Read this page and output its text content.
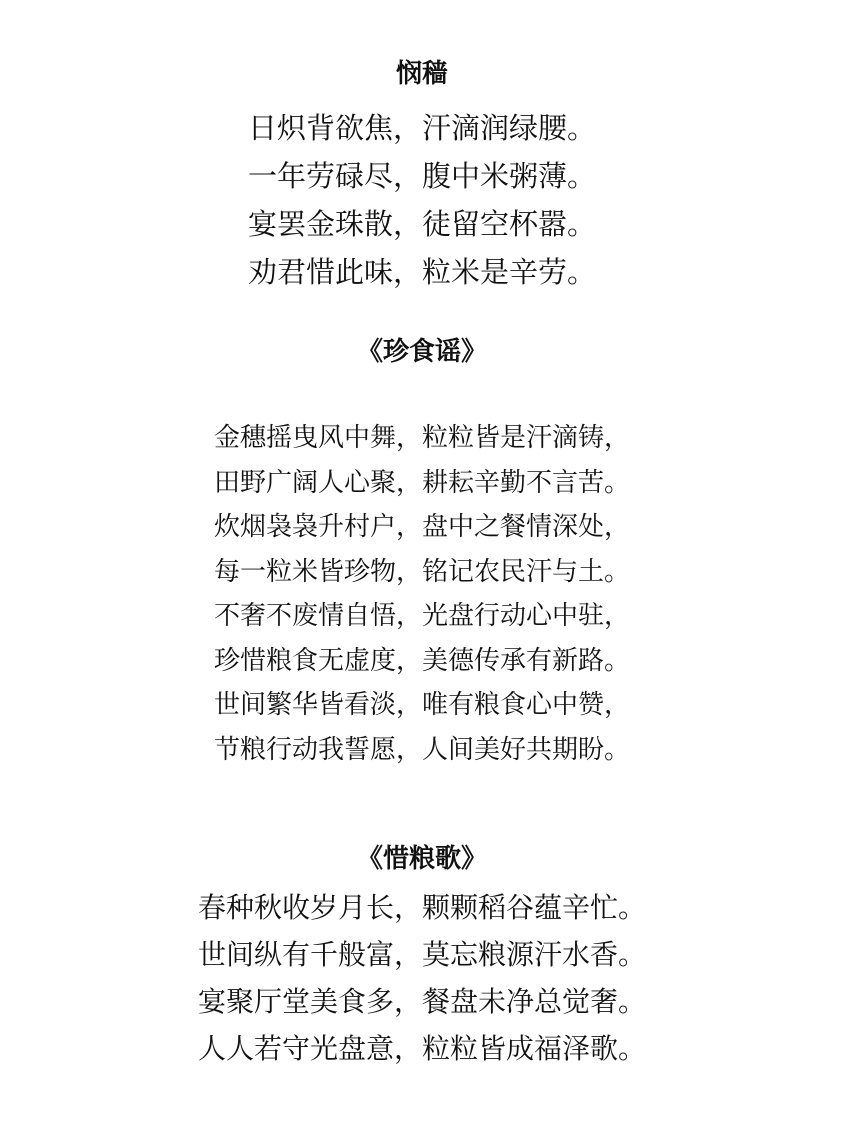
悯穑
日炽背欲焦，汗滴润绿腰。
一年劳碌尽，腹中米粥薄。
宴罢金珠散，徒留空杯嚣。
劝君惜此味，粒米是辛劳。
《珍食谣》
金穗摇曳风中舞，粒粒皆是汗滴铸，
田野广阔人心聚，耕耘辛勤不言苦。
炊烟袅袅升村户，盘中之餐情深处，
每一粒米皆珍物，铭记农民汗与土。
不奢不废情自悟，光盘行动心中驻，
珍惜粮食无虚度，美德传承有新路。
世间繁华皆看淡，唯有粮食心中赞，
节粮行动我誓愿，人间美好共期盼。
《惜粮歌》
春种秋收岁月长，颗颗稻谷蕴辛忙。
世间纵有千般富，莫忘粮源汗水香。
宴聚厅堂美食多，餐盘未净总觉奢。
人人若守光盘意，粒粒皆成福泽歌。
